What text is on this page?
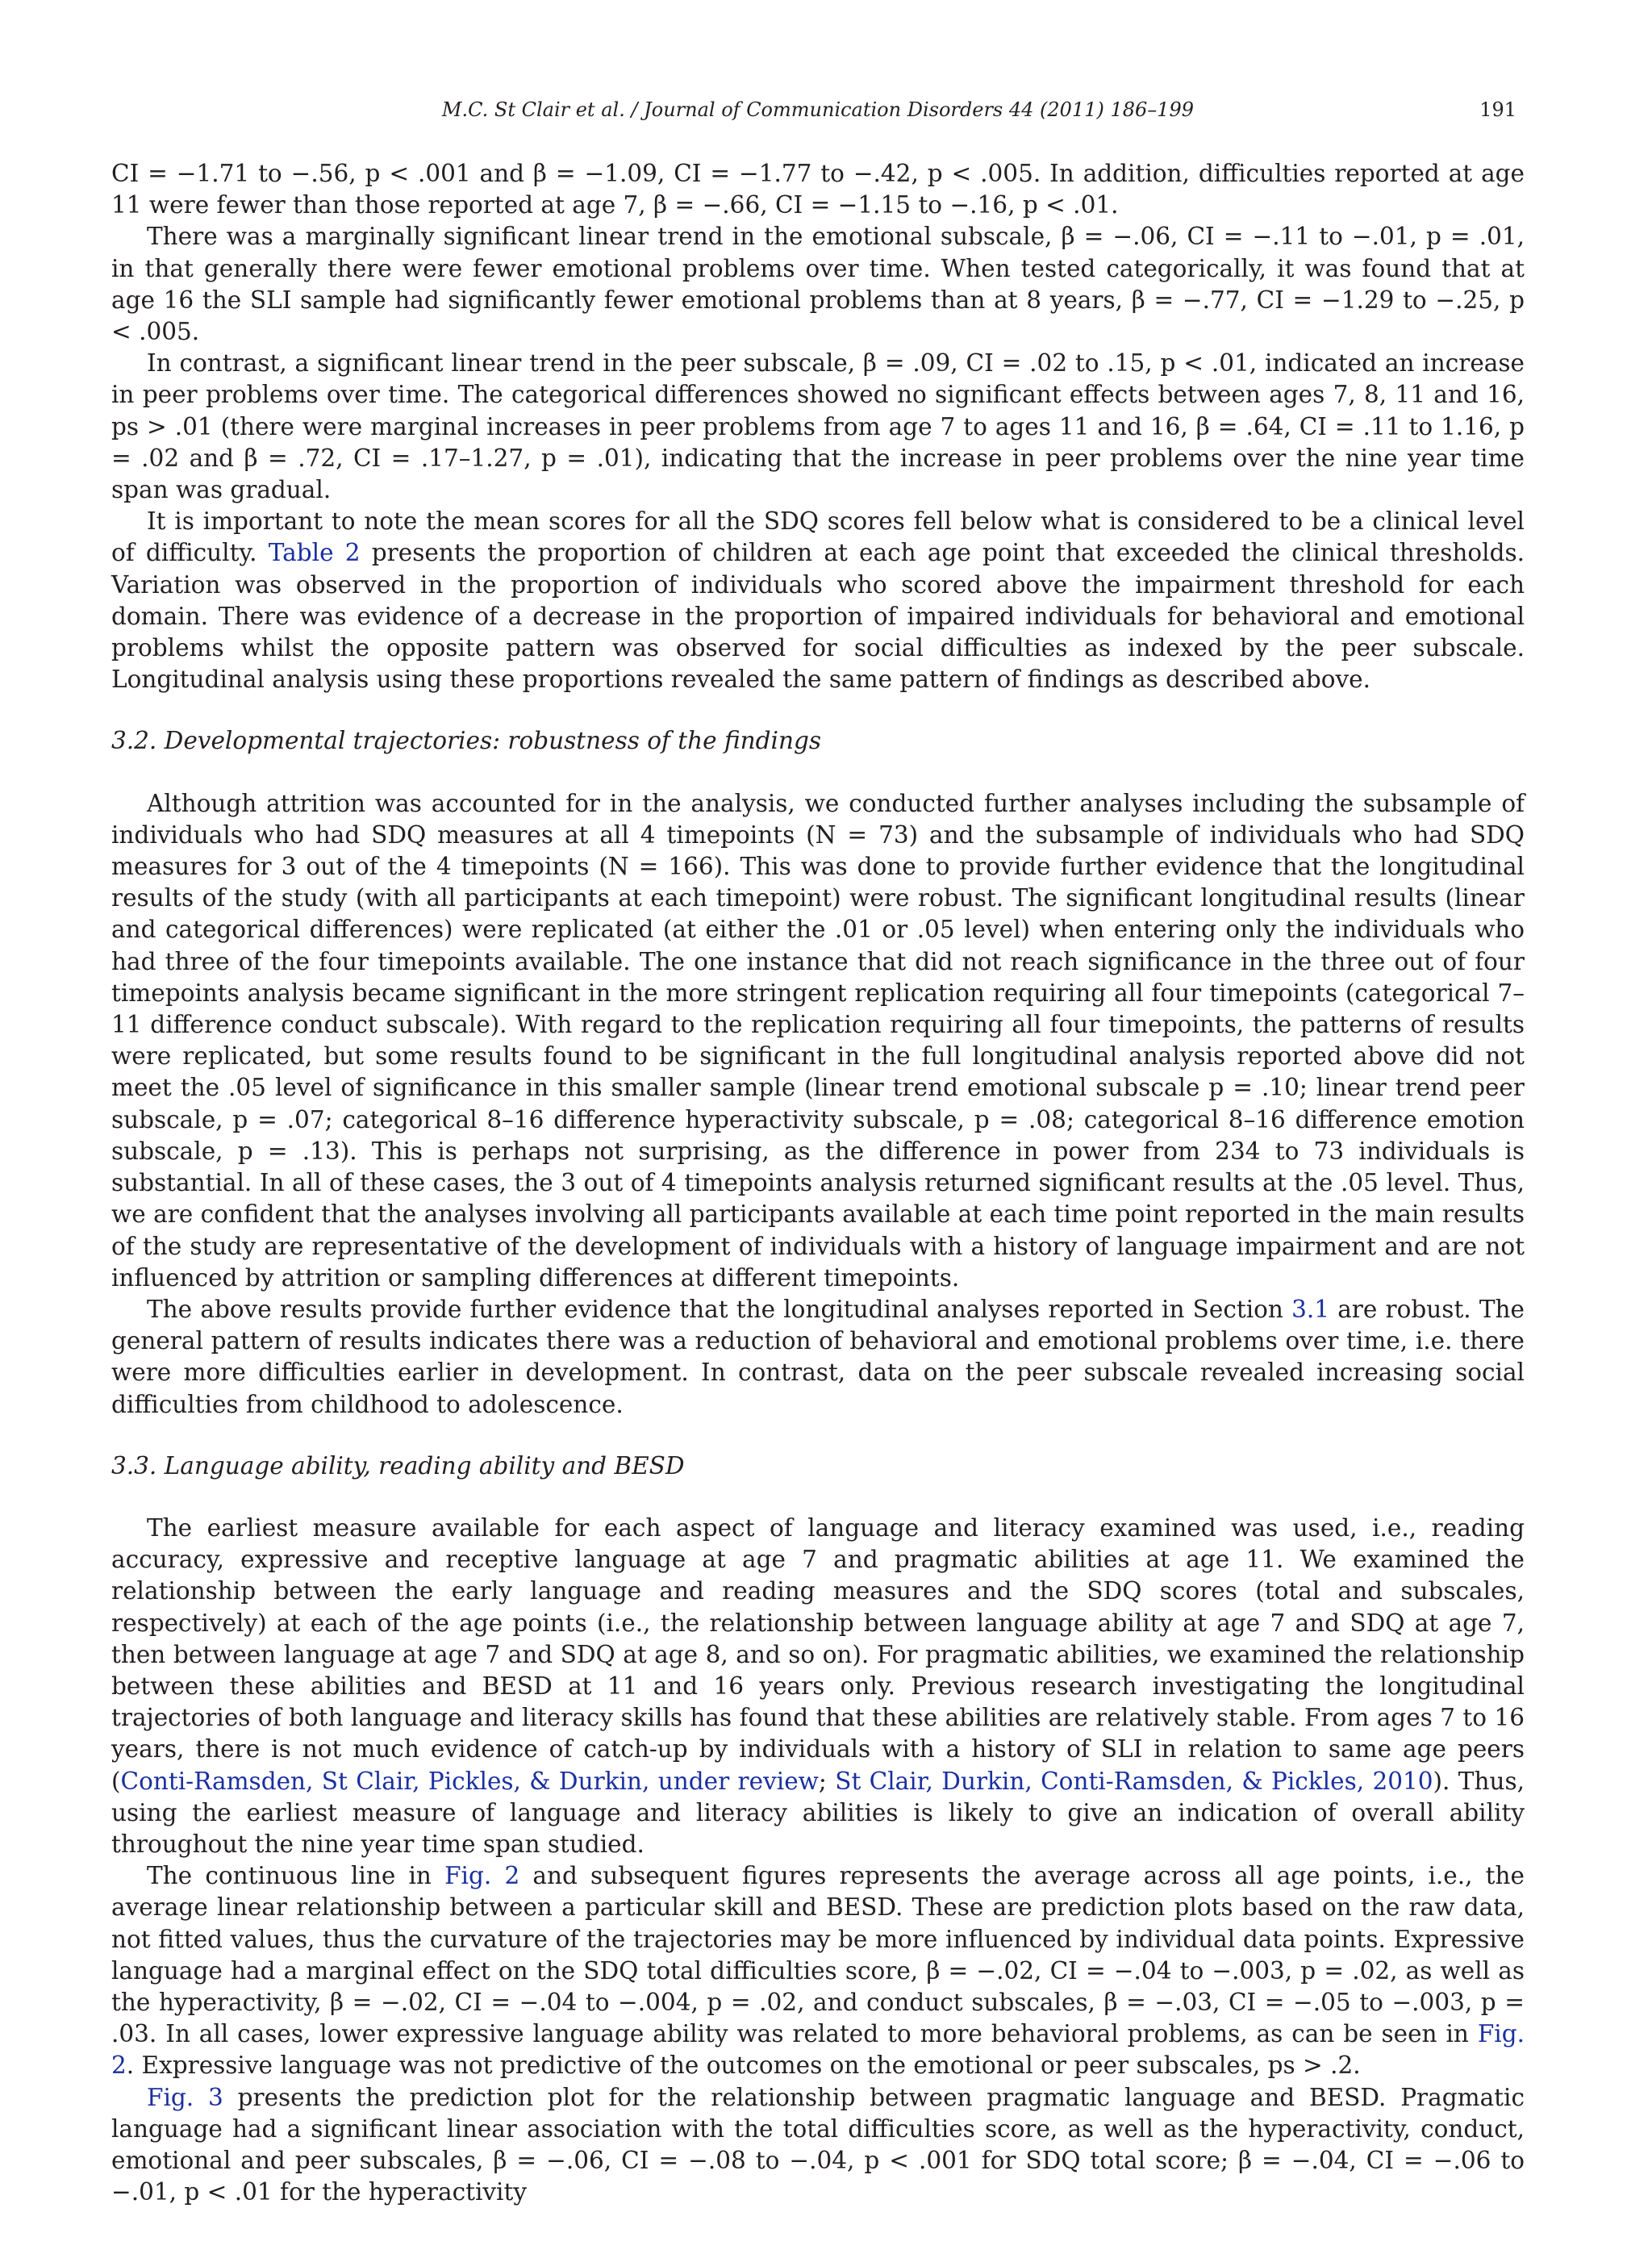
M.C. St Clair et al. / Journal of Communication Disorders 44 (2011) 186–199	191

CI = −1.71 to −.56, p < .001 and β = −1.09, CI = −1.77 to −.42, p < .005. In addition, difficulties reported at age 11 were fewer than those reported at age 7, β = −.66, CI = −1.15 to −.16, p < .01.

There was a marginally significant linear trend in the emotional subscale, β = −.06, CI = −.11 to −.01, p = .01, in that generally there were fewer emotional problems over time. When tested categorically, it was found that at age 16 the SLI sample had significantly fewer emotional problems than at 8 years, β = −.77, CI = −1.29 to −.25, p < .005.

In contrast, a significant linear trend in the peer subscale, β = .09, CI = .02 to .15, p < .01, indicated an increase in peer problems over time. The categorical differences showed no significant effects between ages 7, 8, 11 and 16, ps > .01 (there were marginal increases in peer problems from age 7 to ages 11 and 16, β = .64, CI = .11 to 1.16, p = .02 and β = .72, CI = .17–1.27, p = .01), indicating that the increase in peer problems over the nine year time span was gradual.

It is important to note the mean scores for all the SDQ scores fell below what is considered to be a clinical level of difficulty. Table 2 presents the proportion of children at each age point that exceeded the clinical thresholds. Variation was observed in the proportion of individuals who scored above the impairment threshold for each domain. There was evidence of a decrease in the proportion of impaired individuals for behavioral and emotional problems whilst the opposite pattern was observed for social difficulties as indexed by the peer subscale. Longitudinal analysis using these proportions revealed the same pattern of findings as described above.

3.2. Developmental trajectories: robustness of the findings

Although attrition was accounted for in the analysis, we conducted further analyses including the subsample of individuals who had SDQ measures at all 4 timepoints (N = 73) and the subsample of individuals who had SDQ measures for 3 out of the 4 timepoints (N = 166). This was done to provide further evidence that the longitudinal results of the study (with all participants at each timepoint) were robust. The significant longitudinal results (linear and categorical differences) were replicated (at either the .01 or .05 level) when entering only the individuals who had three of the four timepoints available. The one instance that did not reach significance in the three out of four timepoints analysis became significant in the more stringent replication requiring all four timepoints (categorical 7–11 difference conduct subscale). With regard to the replication requiring all four timepoints, the patterns of results were replicated, but some results found to be significant in the full longitudinal analysis reported above did not meet the .05 level of significance in this smaller sample (linear trend emotional subscale p = .10; linear trend peer subscale, p = .07; categorical 8–16 difference hyperactivity subscale, p = .08; categorical 8–16 difference emotion subscale, p = .13). This is perhaps not surprising, as the difference in power from 234 to 73 individuals is substantial. In all of these cases, the 3 out of 4 timepoints analysis returned significant results at the .05 level. Thus, we are confident that the analyses involving all participants available at each time point reported in the main results of the study are representative of the development of individuals with a history of language impairment and are not influenced by attrition or sampling differences at different timepoints.

The above results provide further evidence that the longitudinal analyses reported in Section 3.1 are robust. The general pattern of results indicates there was a reduction of behavioral and emotional problems over time, i.e. there were more difficulties earlier in development. In contrast, data on the peer subscale revealed increasing social difficulties from childhood to adolescence.

3.3. Language ability, reading ability and BESD

The earliest measure available for each aspect of language and literacy examined was used, i.e., reading accuracy, expressive and receptive language at age 7 and pragmatic abilities at age 11. We examined the relationship between the early language and reading measures and the SDQ scores (total and subscales, respectively) at each of the age points (i.e., the relationship between language ability at age 7 and SDQ at age 7, then between language at age 7 and SDQ at age 8, and so on). For pragmatic abilities, we examined the relationship between these abilities and BESD at 11 and 16 years only. Previous research investigating the longitudinal trajectories of both language and literacy skills has found that these abilities are relatively stable. From ages 7 to 16 years, there is not much evidence of catch-up by individuals with a history of SLI in relation to same age peers (Conti-Ramsden, St Clair, Pickles, & Durkin, under review; St Clair, Durkin, Conti-Ramsden, & Pickles, 2010). Thus, using the earliest measure of language and literacy abilities is likely to give an indication of overall ability throughout the nine year time span studied.

The continuous line in Fig. 2 and subsequent figures represents the average across all age points, i.e., the average linear relationship between a particular skill and BESD. These are prediction plots based on the raw data, not fitted values, thus the curvature of the trajectories may be more influenced by individual data points. Expressive language had a marginal effect on the SDQ total difficulties score, β = −.02, CI = −.04 to −.003, p = .02, as well as the hyperactivity, β = −.02, CI = −.04 to −.004, p = .02, and conduct subscales, β = −.03, CI = −.05 to −.003, p = .03. In all cases, lower expressive language ability was related to more behavioral problems, as can be seen in Fig. 2. Expressive language was not predictive of the outcomes on the emotional or peer subscales, ps > .2.

Fig. 3 presents the prediction plot for the relationship between pragmatic language and BESD. Pragmatic language had a significant linear association with the total difficulties score, as well as the hyperactivity, conduct, emotional and peer subscales, β = −.06, CI = −.08 to −.04, p < .001 for SDQ total score; β = −.04, CI = −.06 to −.01, p < .01 for the hyperactivity
